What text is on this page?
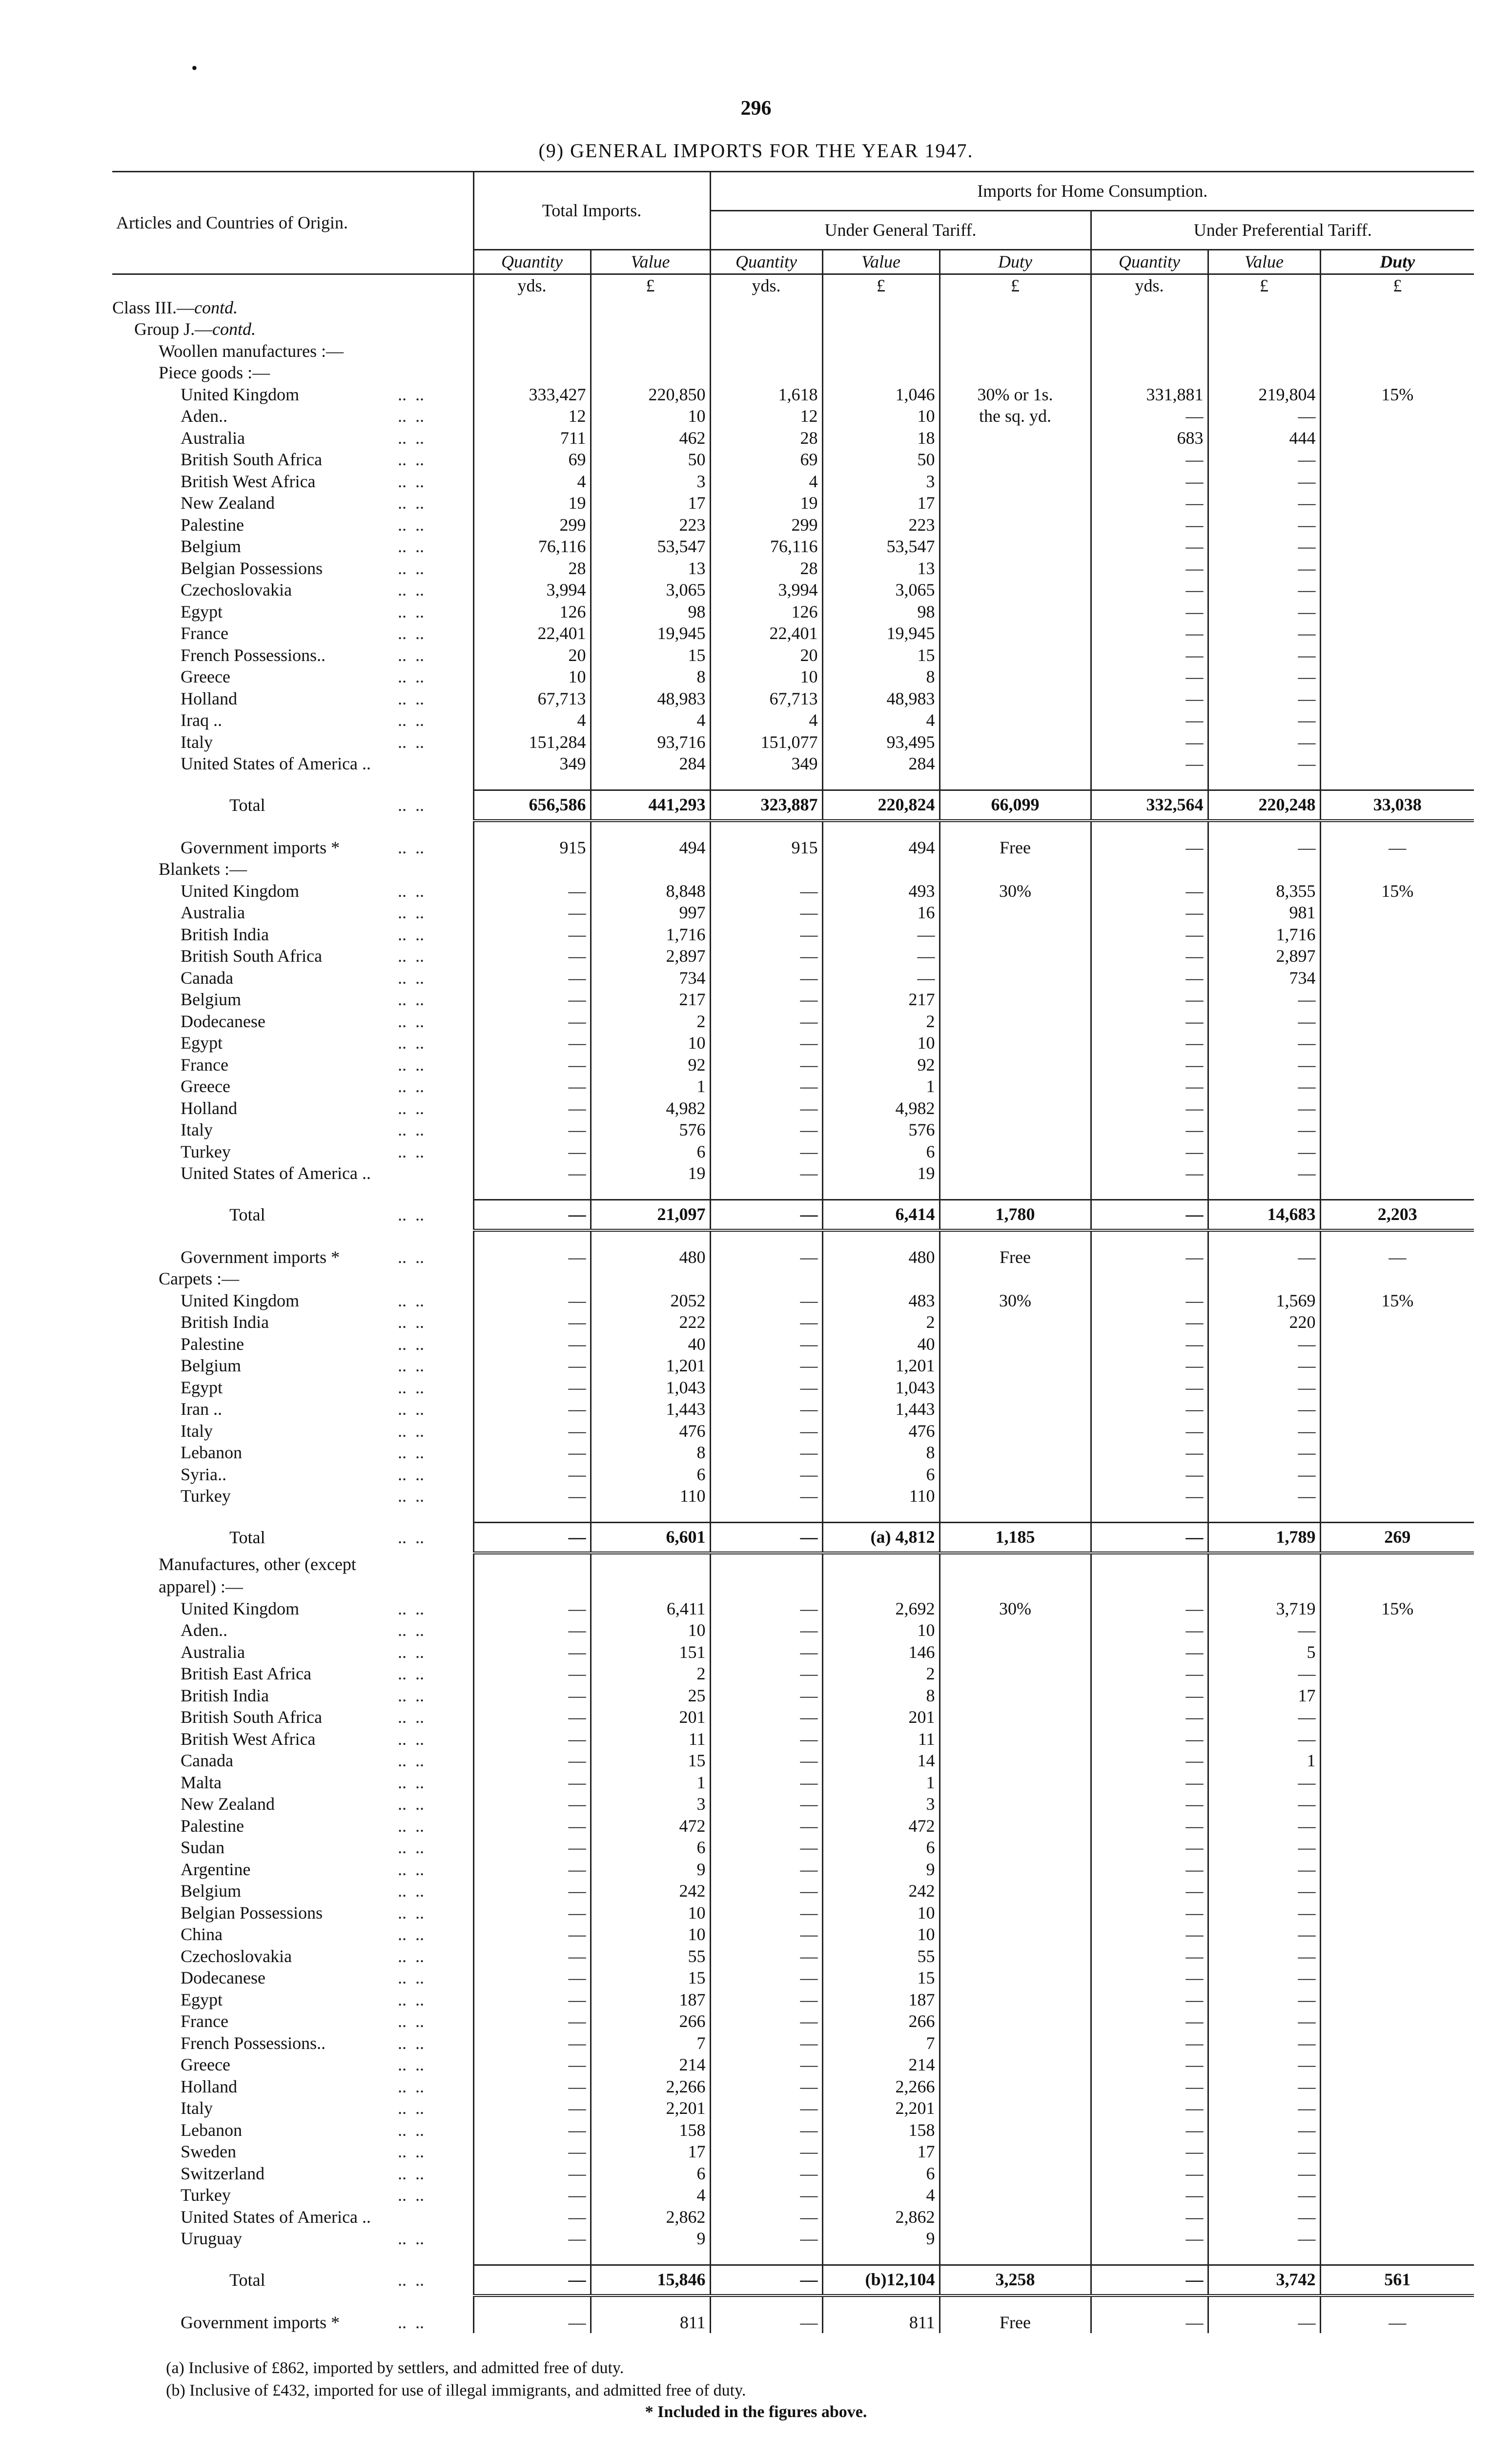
•
296
(9) GENERAL IMPORTS FOR THE YEAR 1947.
Articles and Countries of Origin.	Total Imports.		Imports for Home Consumption.					
			Under General Tariff.			Under Preferential Tariff.		
	Quantity	Value	Quantity	Value	Duty	Quantity	Value	Duty
	yds.	£	yds.	£	£	yds.	£	£
Class III.—contd.								
Group J.—contd.								
Woollen manufactures :—								
Piece goods :—								
United Kingdom ..  ..	333,427	220,850	1,618	1,046	30% or 1s.	331,881	219,804	15%
Aden.. ..  ..	12	10	12	10	the sq. yd.	—	—	
Australia ..  ..	711	462	28	18		683	444	
British South Africa ..  ..	69	50	69	50		—	—	
British West Africa ..  ..	4	3	4	3		—	—	
New Zealand ..  ..	19	17	19	17		—	—	
Palestine ..  ..	299	223	299	223		—	—	
Belgium ..  ..	76,116	53,547	76,116	53,547		—	—	
Belgian Possessions ..  ..	28	13	28	13		—	—	
Czechoslovakia ..  ..	3,994	3,065	3,994	3,065		—	—	
Egypt ..  ..	126	98	126	98		—	—	
France ..  ..	22,401	19,945	22,401	19,945		—	—	
French Possessions.. ..  ..	20	15	20	15		—	—	
Greece ..  ..	10	8	10	8		—	—	
Holland ..  ..	67,713	48,983	67,713	48,983		—	—	
Iraq .. ..  ..	4	4	4	4		—	—	
Italy ..  ..	151,284	93,716	151,077	93,495		—	—	
United States of America ..	349	284	349	284		—	—	

Total ..  ..	656,586	441,293	323,887	220,824	66,099	332,564	220,248	33,038

Government imports * ..  ..	915	494	915	494	Free	—	—	—
Blankets :—								
United Kingdom ..  ..	—	8,848	—	493	30%	—	8,355	15%
Australia ..  ..	—	997	—	16		—	981	
British India ..  ..	—	1,716	—	—		—	1,716	
British South Africa ..  ..	—	2,897	—	—		—	2,897	
Canada ..  ..	—	734	—	—		—	734	
Belgium ..  ..	—	217	—	217		—	—	
Dodecanese ..  ..	—	2	—	2		—	—	
Egypt ..  ..	—	10	—	10		—	—	
France ..  ..	—	92	—	92		—	—	
Greece ..  ..	—	1	—	1		—	—	
Holland ..  ..	—	4,982	—	4,982		—	—	
Italy ..  ..	—	576	—	576		—	—	
Turkey ..  ..	—	6	—	6		—	—	
United States of America ..	—	19	—	19		—	—	

Total ..  ..	—	21,097	—	6,414	1,780	—	14,683	2,203

Government imports * ..  ..	—	480	—	480	Free	—	—	—
Carpets :—								
United Kingdom ..  ..	—	2052	—	483	30%	—	1,569	15%
British India ..  ..	—	222	—	2		—	220	
Palestine ..  ..	—	40	—	40		—	—	
Belgium ..  ..	—	1,201	—	1,201		—	—	
Egypt ..  ..	—	1,043	—	1,043		—	—	
Iran .. ..  ..	—	1,443	—	1,443		—	—	
Italy ..  ..	—	476	—	476		—	—	
Lebanon ..  ..	—	8	—	8		—	—	
Syria.. ..  ..	—	6	—	6		—	—	
Turkey ..  ..	—	110	—	110		—	—	

Total ..  ..	—	6,601	—	(a) 4,812	1,185	—	1,789	269
Manufactures, other (except								
apparel) :—								
United Kingdom ..  ..	—	6,411	—	2,692	30%	—	3,719	15%
Aden.. ..  ..	—	10	—	10		—	—	
Australia ..  ..	—	151	—	146		—	5	
British East Africa ..  ..	—	2	—	2		—	—	
British India ..  ..	—	25	—	8		—	17	
British South Africa ..  ..	—	201	—	201		—	—	
British West Africa ..  ..	—	11	—	11		—	—	
Canada ..  ..	—	15	—	14		—	1	
Malta ..  ..	—	1	—	1		—	—	
New Zealand ..  ..	—	3	—	3		—	—	
Palestine ..  ..	—	472	—	472		—	—	
Sudan ..  ..	—	6	—	6		—	—	
Argentine ..  ..	—	9	—	9		—	—	
Belgium ..  ..	—	242	—	242		—	—	
Belgian Possessions ..  ..	—	10	—	10		—	—	
China ..  ..	—	10	—	10		—	—	
Czechoslovakia ..  ..	—	55	—	55		—	—	
Dodecanese ..  ..	—	15	—	15		—	—	
Egypt ..  ..	—	187	—	187		—	—	
France ..  ..	—	266	—	266		—	—	
French Possessions.. ..  ..	—	7	—	7		—	—	
Greece ..  ..	—	214	—	214		—	—	
Holland ..  ..	—	2,266	—	2,266		—	—	
Italy ..  ..	—	2,201	—	2,201		—	—	
Lebanon ..  ..	—	158	—	158		—	—	
Sweden ..  ..	—	17	—	17		—	—	
Switzerland ..  ..	—	6	—	6		—	—	
Turkey ..  ..	—	4	—	4		—	—	
United States of America ..	—	2,862	—	2,862		—	—	
Uruguay ..  ..	—	9	—	9		—	—	

Total ..  ..	—	15,846	—	(b)12,104	3,258	—	3,742	561

Government imports * ..  ..	—	811	—	811	Free	—	—	—
(a) Inclusive of £862, imported by settlers, and admitted free of duty.
(b) Inclusive of £432, imported for use of illegal immigrants, and admitted free of duty.
* Included in the figures above.
